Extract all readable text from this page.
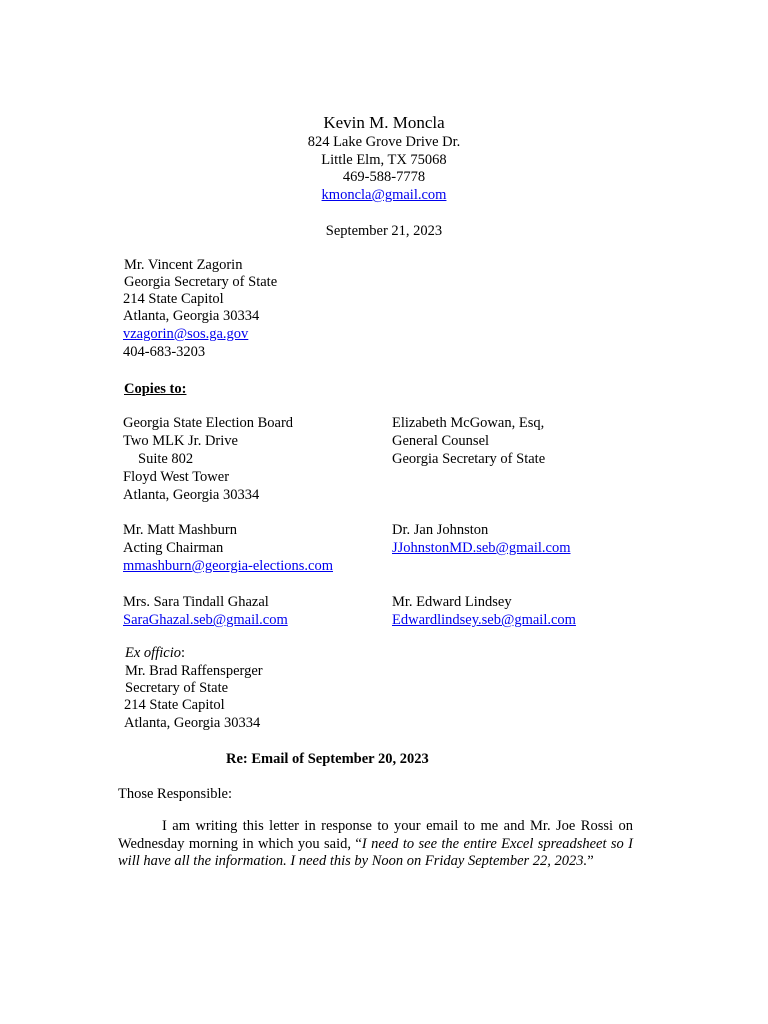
Kevin M. Moncla
824 Lake Grove Drive Dr.
Little Elm, TX 75068
469-588-7778
kmoncla@gmail.com
September 21, 2023
Mr. Vincent Zagorin
Georgia Secretary of State
214 State Capitol
Atlanta, Georgia 30334
vzagorin@sos.ga.gov
404-683-3203
Copies to:
Georgia State Election Board
Two MLK Jr. Drive
Suite 802
Floyd West Tower
Atlanta, Georgia 30334
Elizabeth McGowan, Esq,
General Counsel
Georgia Secretary of State
Mr. Matt Mashburn
Acting Chairman
mmashburn@georgia-elections.com
Dr. Jan Johnston
JJohnstonMD.seb@gmail.com
Mrs. Sara Tindall Ghazal
SaraGhazal.seb@gmail.com
Mr. Edward Lindsey
Edwardlindsey.seb@gmail.com
Ex officio:
Mr. Brad Raffensperger
Secretary of State
214 State Capitol
Atlanta, Georgia 30334
Re: Email of September 20, 2023
Those Responsible:
I am writing this letter in response to your email to me and Mr. Joe Rossi on Wednesday morning in which you said, “I need to see the entire Excel spreadsheet so I will have all the information. I need this by Noon on Friday September 22, 2023.”
